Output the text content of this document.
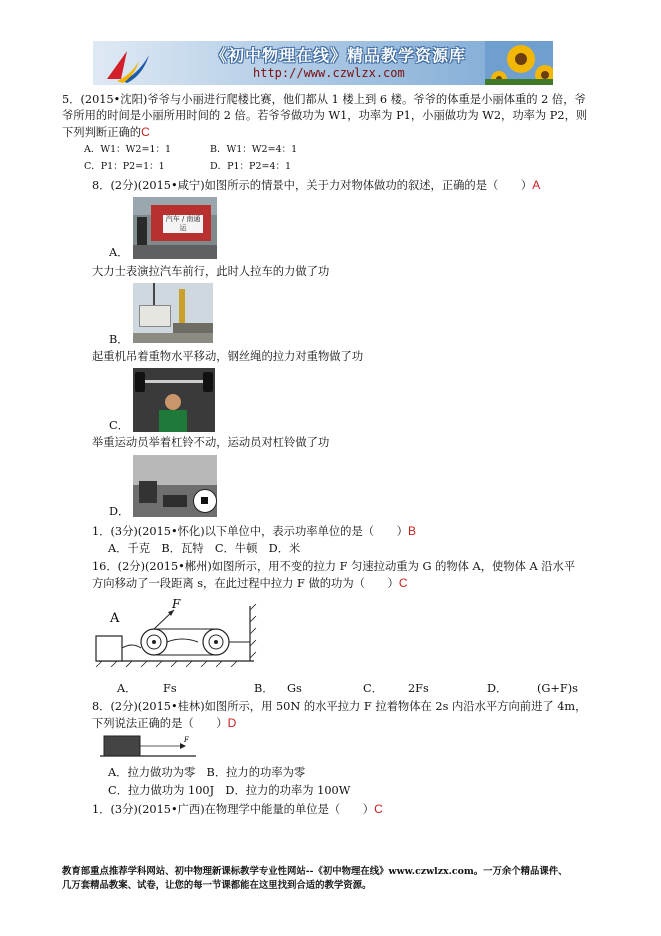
《初中物理在线》精品教学资源库
http://www.czwlzx.com
5．(2015•沈阳)爷爷与小丽进行爬楼比赛，他们都从 1 楼上到 6 楼。爷爷的体重是小丽体重的 2 倍，爷
爷所用的时间是小丽所用时间的 2 倍。若爷爷做功为 W1，功率为 P1，小丽做功为 W2，功率为 P2，则
下列判断正确的C
A．W1：W2=1：1	B．W1：W2=4：1
C．P1：P2=1：1	D．P1：P2=4：1
8．(2分)(2015•咸宁)如图所示的情景中，关于力对物体做功的叙述，正确的是（　　）A
汽车 / 南通运
A．
大力士表演拉汽车前行，此时人拉车的力做了功
B．
起重机吊着重物水平移动，钢丝绳的拉力对重物做了功
C．
举重运动员举着杠铃不动，运动员对杠铃做了功
D．
1．(3分)(2015•怀化)以下单位中，表示功率单位的是（　　）B
A．千克　B．瓦特　C．牛顿　D．米
16．(2分)(2015•郴州)如图所示，用不变的拉力 F 匀速拉动重为 G 的物体 A，使物体 A 沿水平
方向移动了一段距离 s，在此过程中拉力 F 做的功为（　　）C
A
F
A． Fs	B． Gs	C． 2Fs	D．	(G+F)s
8．(2分)(2015•桂林)如图所示，用 50N 的水平拉力 F 拉着物体在 2s 内沿水平方向前进了 4m，
下列说法正确的是（　　）D
F
A．拉力做功为零　B．拉力的功率为零
C．拉力做功为 100J　D．拉力的功率为 100W
1．(3分)(2015•广西)在物理学中能量的单位是（　　）C
教育部重点推荐学科网站、初中物理新课标教学专业性网站--《初中物理在线》www.czwlzx.com。一万余个精品课件、
几万套精品教案、试卷，让您的每一节课都能在这里找到合适的教学资源。
